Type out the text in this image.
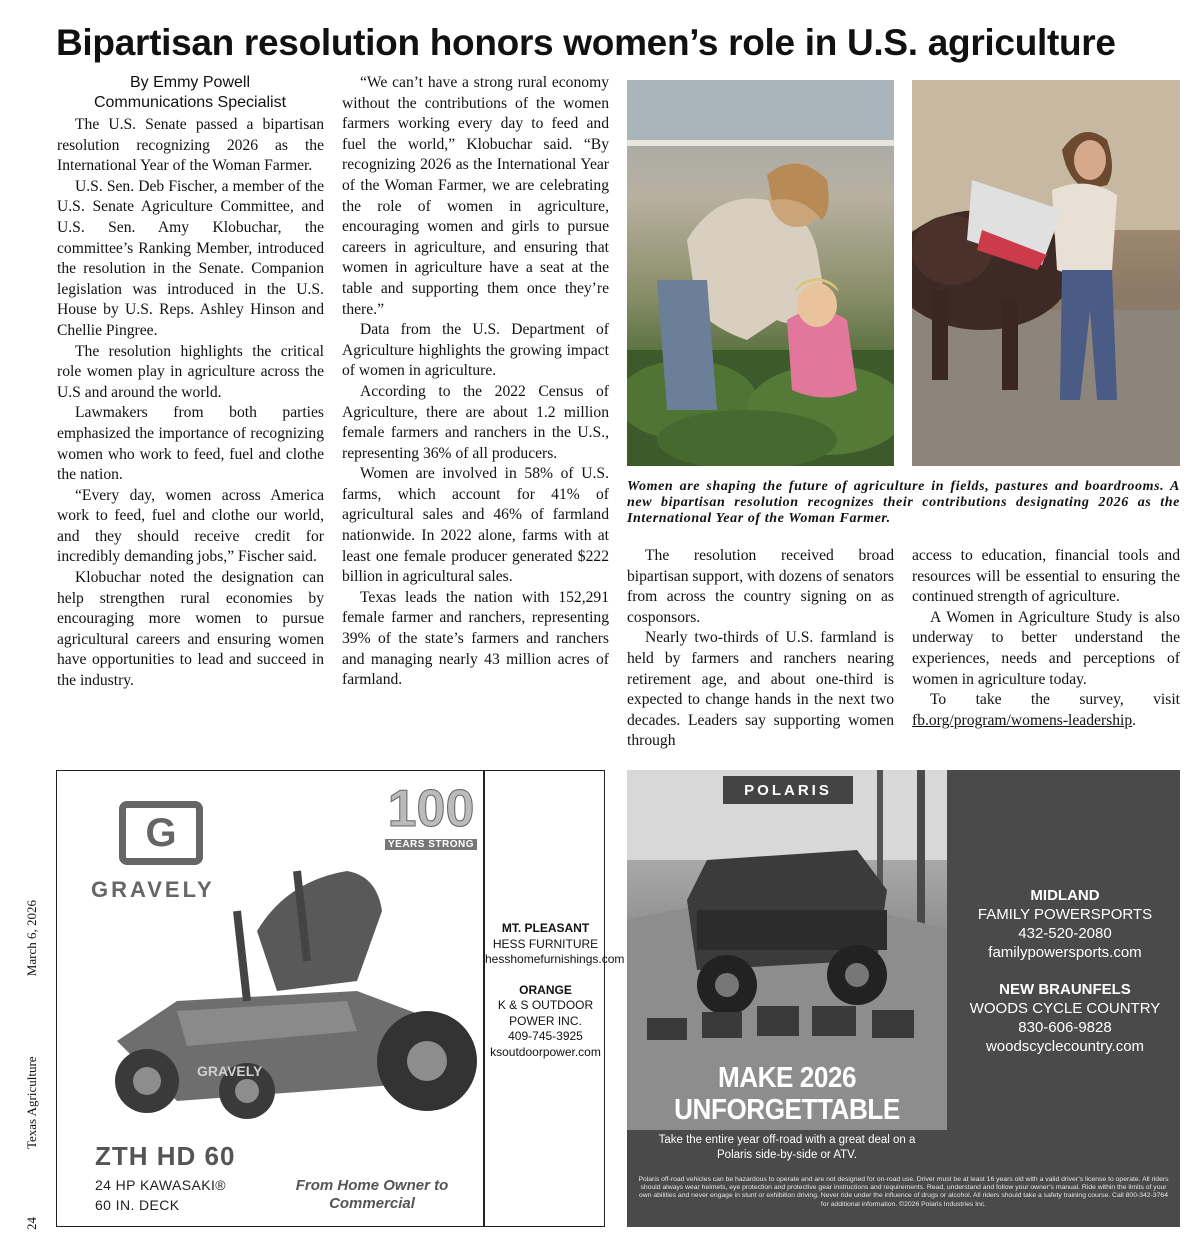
Bipartisan resolution honors women’s role in U.S. agriculture
By Emmy Powell
Communications Specialist

The U.S. Senate passed a bipartisan resolution recognizing 2026 as the International Year of the Woman Farmer.

U.S. Sen. Deb Fischer, a member of the U.S. Senate Agriculture Committee, and U.S. Sen. Amy Klobuchar, the committee’s Ranking Member, introduced the resolution in the Senate. Companion legislation was introduced in the U.S. House by U.S. Reps. Ashley Hinson and Chellie Pingree.

The resolution highlights the critical role women play in agriculture across the U.S and around the world.

Lawmakers from both parties emphasized the importance of recognizing women who work to feed, fuel and clothe the nation.

“Every day, women across America work to feed, fuel and clothe our world, and they should receive credit for incredibly demanding jobs,” Fischer said.

Klobuchar noted the designation can help strengthen rural economies by encouraging more women to pursue agricultural careers and ensuring women have opportunities to lead and succeed in the industry.

“We can’t have a strong rural economy without the contributions of the women farmers working every day to feed and fuel the world,” Klobuchar said. “By recognizing 2026 as the International Year of the Woman Farmer, we are celebrating the role of women in agriculture, encouraging women and girls to pursue careers in agriculture, and ensuring that women in agriculture have a seat at the table and supporting them once they’re there.”

Data from the U.S. Department of Agriculture highlights the growing impact of women in agriculture.

According to the 2022 Census of Agriculture, there are about 1.2 million female farmers and ranchers in the U.S., representing 36% of all producers.

Women are involved in 58% of U.S. farms, which account for 41% of agricultural sales and 46% of farmland nationwide. In 2022 alone, farms with at least one female producer generated $222 billion in agricultural sales.

Texas leads the nation with 152,291 female farmer and ranchers, representing 39% of the state’s farmers and ranchers and managing nearly 43 million acres of farmland.

Women are shaping the future of agriculture in fields, pastures and boardrooms. A new bipartisan resolution recognizes their contributions designating 2026 as the International Year of the Woman Farmer.

The resolution received broad bipartisan support, with dozens of senators from across the country signing on as cosponsors.

Nearly two-thirds of U.S. farmland is held by farmers and ranchers nearing retirement age, and about one-third is expected to change hands in the next two decades. Leaders say supporting women through

access to education, financial tools and resources will be essential to ensuring the continued strength of agriculture.

A Women in Agriculture Study is also underway to better understand the experiences, needs and perceptions of women in agriculture today.

To take the survey, visit fb.org/program/womens-leadership.

24
Texas Agriculture
March 6, 2026
G
GRAVELY
100
YEARS STRONG
GRAVELY
ZTH HD 60
24 HP KAWASAKI®
60 IN. DECK
From Home Owner to Commercial
MT. PLEASANT
HESS FURNITURE
hesshomefurnishings.com
ORANGE
K & S OUTDOOR POWER INC.
409-745-3925
ksoutdoorpower.com
POLARIS
MAKE 2026
UNFORGETTABLE
Take the entire year off-road with a great deal on a Polaris side-by-side or ATV.
Polaris off-road vehicles can be hazardous to operate and are not designed for on-road use. Driver must be at least 16 years old with a valid driver’s license to operate. All riders should always wear helmets, eye protection and protective gear instructions and requirements. Read, understand and follow your owner’s manual. Ride within the limits of your own abilities and never engage in stunt or exhibition driving. Never ride under the influence of drugs or alcohol. All riders should take a safety training course. Call 800-342-3764 for additional information. ©2026 Polaris Industries Inc.
MIDLAND
FAMILY POWERSPORTS
432-520-2080
familypowersports.com
NEW BRAUNFELS
WOODS CYCLE COUNTRY
830-606-9828
woodscyclecountry.com
